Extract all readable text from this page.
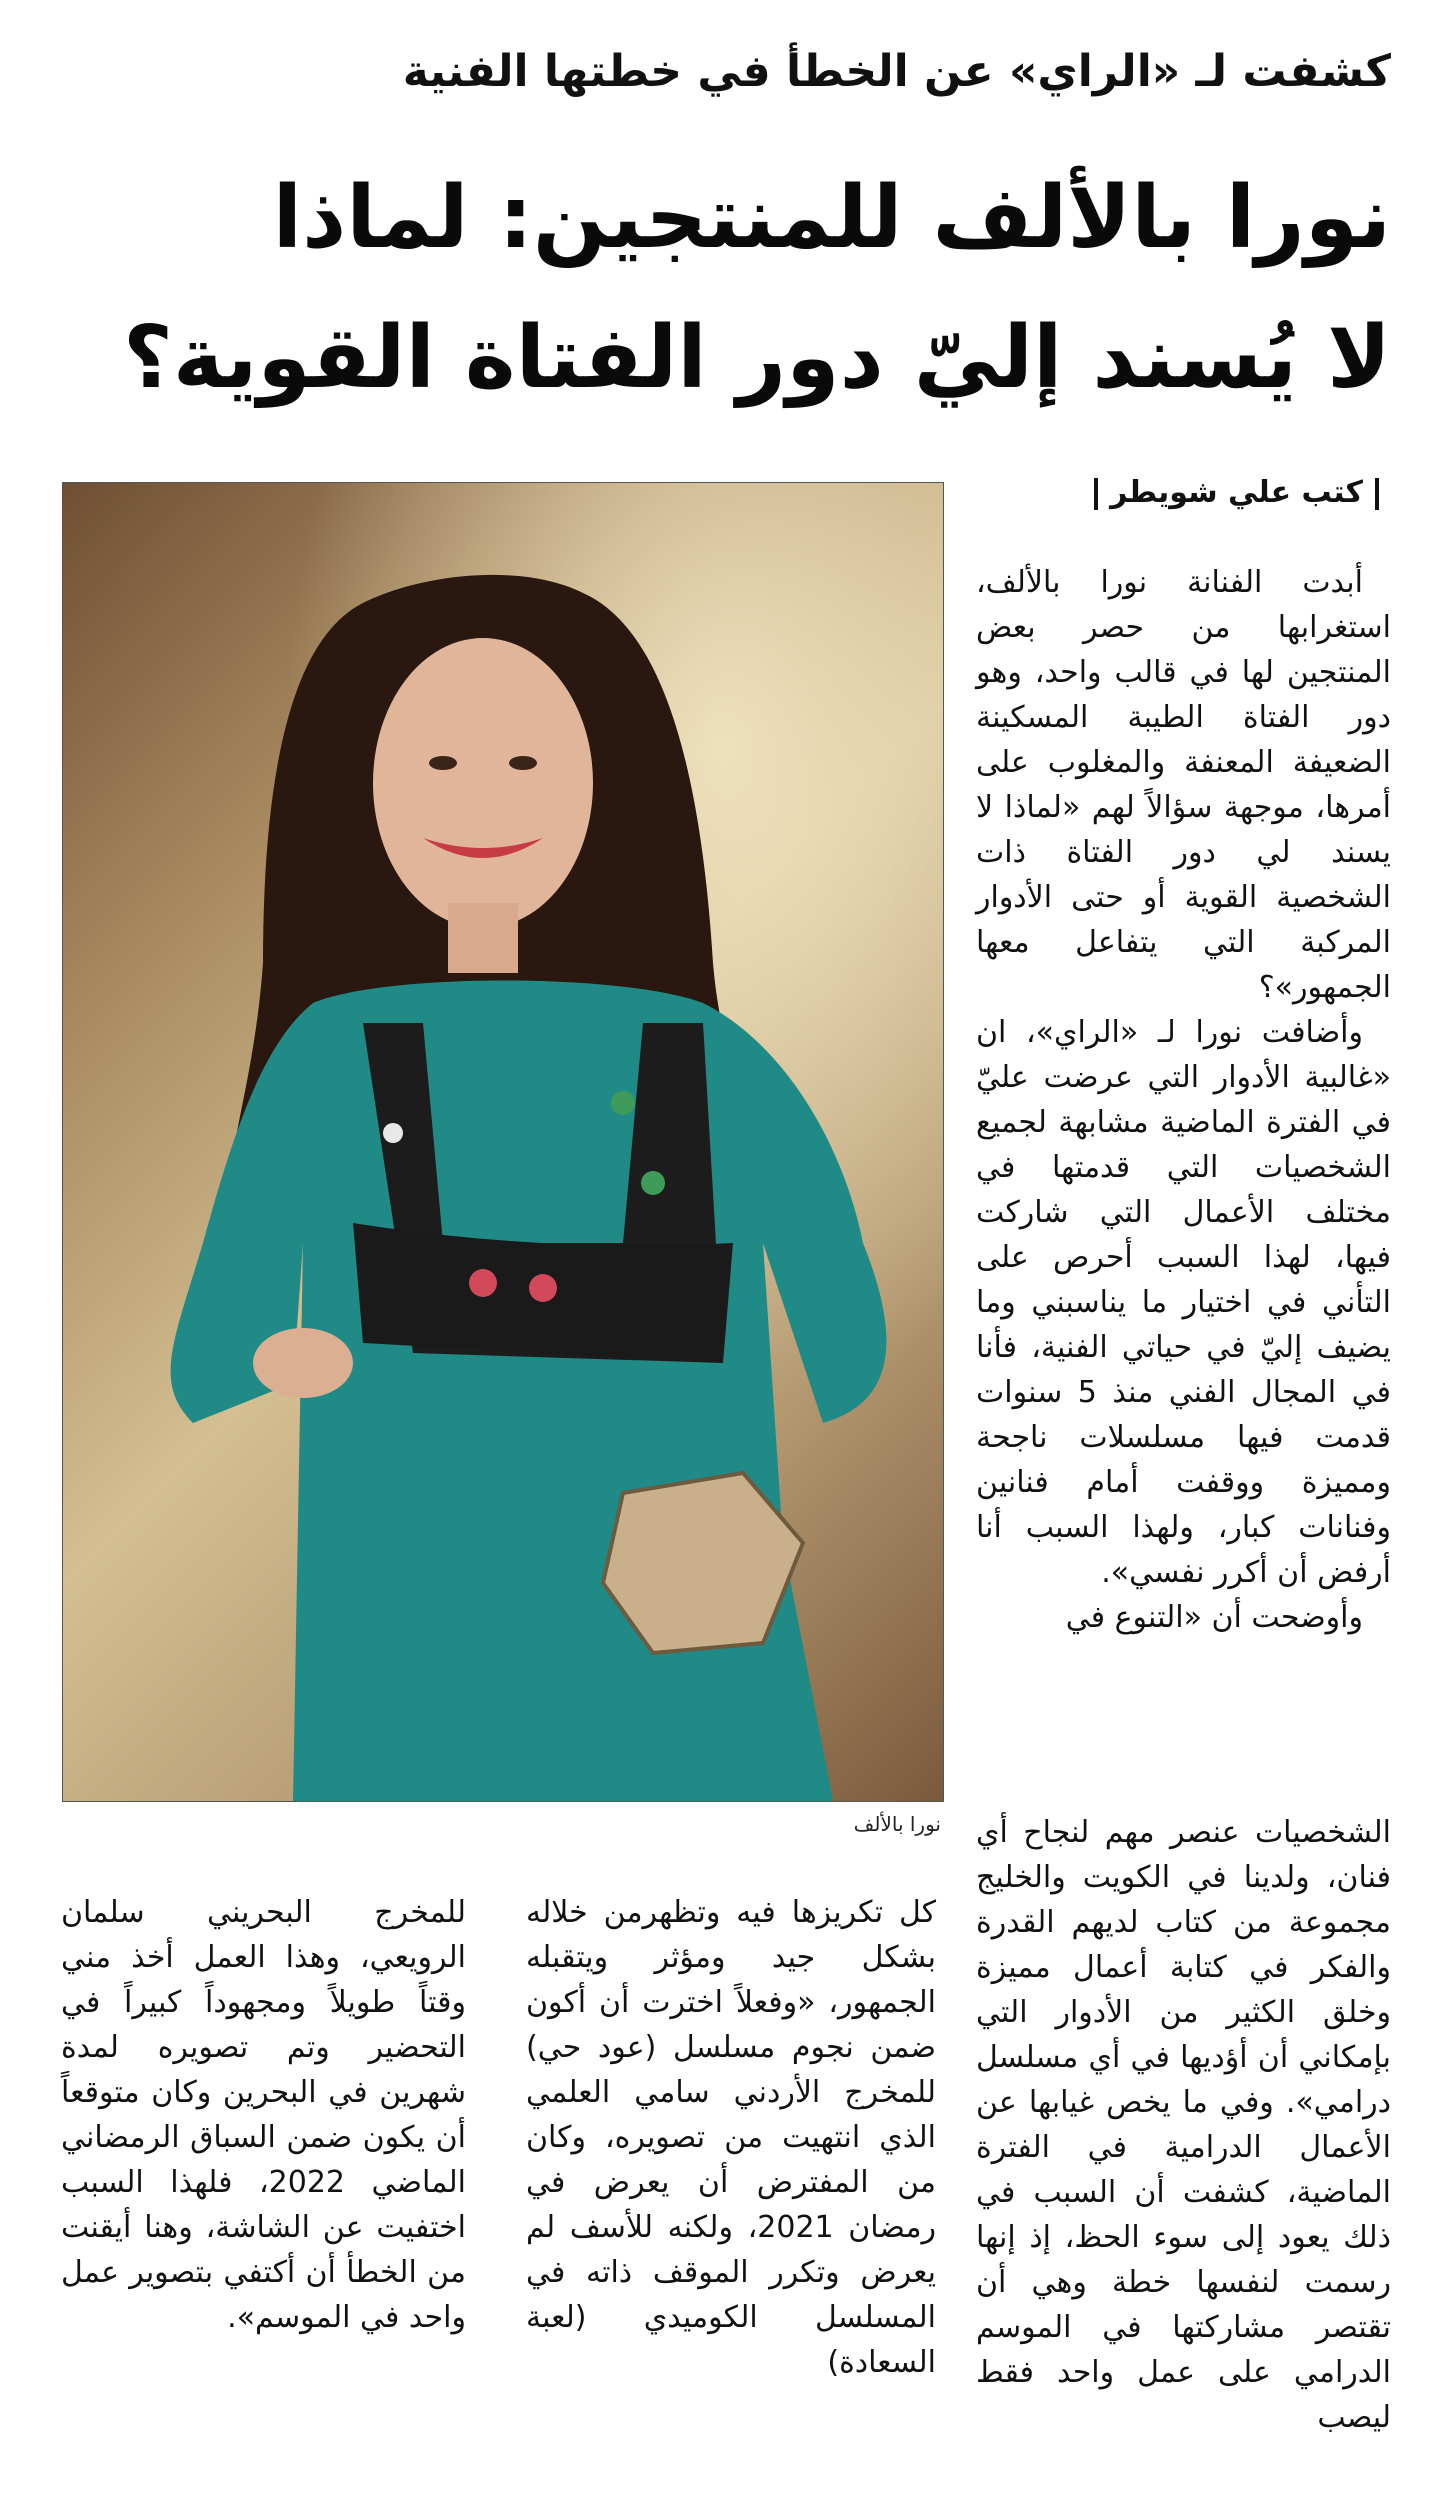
كشفت لـ «الراي» عن الخطأ في خطتها الفنية
نورا بالألف للمنتجين: لماذا
لا يُسند إليّ دور الفتاة القوية؟
كتب علي شويطر
نورا بالألف

أبدت الفنانة نورا بالألف، استغرابها من حصر بعض المنتجين لها في قالب واحد، وهو دور الفتاة الطيبة المسكينة الضعيفة المعنفة والمغلوب على أمرها، موجهة سؤالاً لهم «لماذا لا يسند لي دور الفتاة ذات الشخصية القوية أو حتى الأدوار المركبة التي يتفاعل معها الجمهور»؟

وأضافت نورا لـ «الراي»، ان «غالبية الأدوار التي عرضت عليّ في الفترة الماضية مشابهة لجميع الشخصيات التي قدمتها في مختلف الأعمال التي شاركت فيها، لهذا السبب أحرص على التأني في اختيار ما يناسبني وما يضيف إليّ في حياتي الفنية، فأنا في المجال الفني منذ 5 سنوات قدمت فيها مسلسلات ناجحة ومميزة ووقفت أمام فنانين وفنانات كبار، ولهذا السبب أنا أرفض أن أكرر نفسي».

وأوضحت أن «التنوع في

الشخصيات عنصر مهم لنجاح أي فنان، ولدينا في الكويت والخليج مجموعة من كتاب لديهم القدرة والفكر في كتابة أعمال مميزة وخلق الكثير من الأدوار التي بإمكاني أن أؤديها في أي مسلسل درامي». وفي ما يخص غيابها عن الأعمال الدرامية في الفترة الماضية، كشفت أن السبب في ذلك يعود إلى سوء الحظ، إذ إنها رسمت لنفسها خطة وهي أن تقتصر مشاركتها في الموسم الدرامي على عمل واحد فقط ليصب

كل تكريزها فيه وتظهرمن خلاله بشكل جيد ومؤثر ويتقبله الجمهور، «وفعلاً اخترت أن أكون ضمن نجوم مسلسل (عود حي) للمخرج الأردني سامي العلمي الذي انتهيت من تصويره، وكان من المفترض أن يعرض في رمضان 2021، ولكنه للأسف لم يعرض وتكرر الموقف ذاته في المسلسل الكوميدي (لعبة السعادة)

للمخرج البحريني سلمان الرويعي، وهذا العمل أخذ مني وقتاً طويلاً ومجهوداً كبيراً في التحضير وتم تصويره لمدة شهرين في البحرين وكان متوقعاً أن يكون ضمن السباق الرمضاني الماضي 2022، فلهذا السبب اختفيت عن الشاشة، وهنا أيقنت من الخطأ أن أكتفي بتصوير عمل واحد في الموسم».
